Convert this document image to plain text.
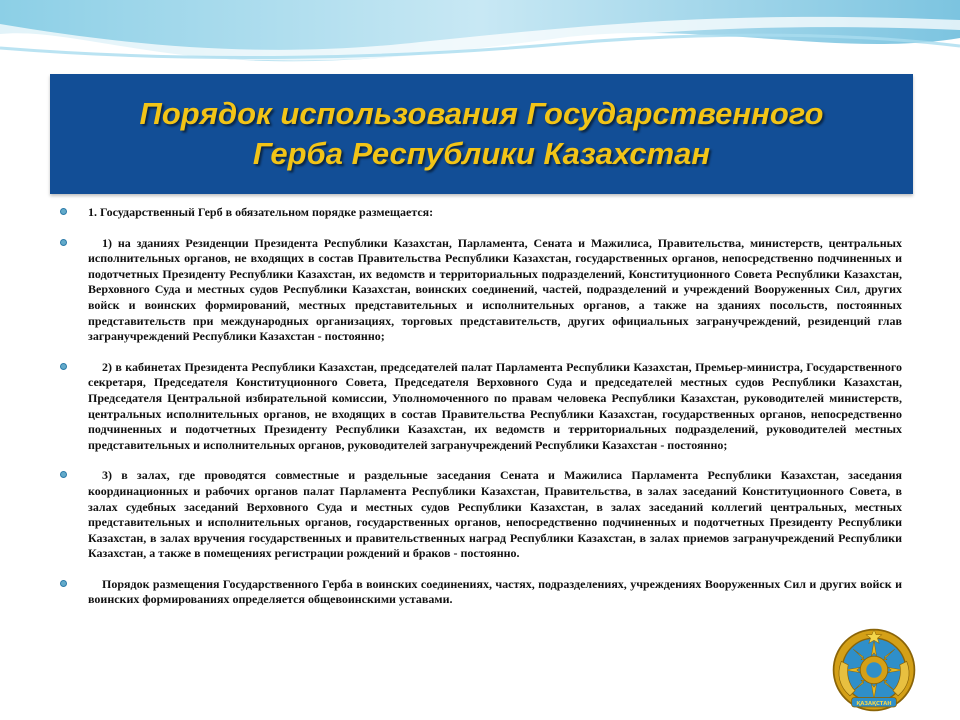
Порядок использования Государственного
Герба Республики Казахстан
1. Государственный Герб в обязательном порядке размещается:
1) на зданиях Резиденции Президента Республики Казахстан, Парламента, Сената и Мажилиса, Правительства, министерств, центральных исполнительных органов, не входящих в состав Правительства Республики Казахстан, государственных органов, непосредственно подчиненных и подотчетных Президенту Республики Казахстан, их ведомств и территориальных подразделений, Конституционного Совета Республики Казахстан, Верховного Суда и местных судов Республики Казахстан, воинских соединений, частей, подразделений и учреждений Вооруженных Сил, других войск и воинских формирований, местных представительных и исполнительных органов, а также на зданиях посольств, постоянных представительств при международных организациях, торговых представительств, других официальных загранучреждений, резиденций глав загранучреждений Республики Казахстан - постоянно;
2) в кабинетах Президента Республики Казахстан, председателей палат Парламента Республики Казахстан, Премьер-министра, Государственного секретаря, Председателя Конституционного Совета, Председателя Верховного Суда и председателей местных судов Республики Казахстан, Председателя Центральной избирательной комиссии, Уполномоченного по правам человека Республики Казахстан, руководителей министерств, центральных исполнительных органов, не входящих в состав Правительства Республики Казахстан, государственных органов, непосредственно подчиненных и подотчетных Президенту Республики Казахстан, их ведомств и территориальных подразделений, руководителей местных представительных и исполнительных органов, руководителей загранучреждений Республики Казахстан - постоянно;
3) в залах, где проводятся совместные и раздельные заседания Сената и Мажилиса Парламента Республики Казахстан, заседания координационных и рабочих органов палат Парламента Республики Казахстан, Правительства, в залах заседаний Конституционного Совета, в залах судебных заседаний Верховного Суда и местных судов Республики Казахстан, в залах заседаний коллегий центральных, местных представительных и исполнительных органов, государственных органов, непосредственно подчиненных и подотчетных Президенту Республики Казахстан, в залах вручения государственных и правительственных наград Республики Казахстан, в залах приемов загранучреждений Республики Казахстан, а также в помещениях регистрации рождений и браков - постоянно.
Порядок размещения Государственного Герба в воинских соединениях, частях, подразделениях, учреждениях Вооруженных Сил и других войск и воинских формированиях определяется общевоинскими уставами.
ҚАЗАҚСТАН
